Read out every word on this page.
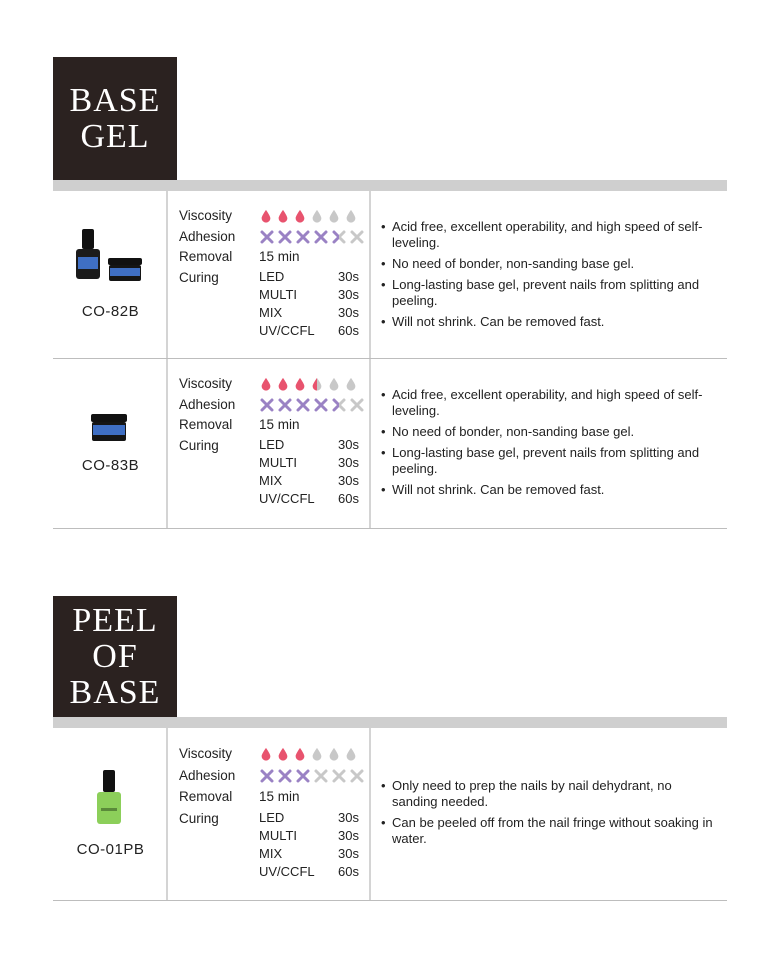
BASE
GEL
CO-82B
Viscosity
Adhesion
Removal	15 min
Curing	LED	30s
MULTI	30s
MIX	30s
UV/CCFL 60s
• Acid free, excellent operability, and high speed of self-leveling.
• No need of bonder, non-sanding base gel.
• Long-lasting base gel, prevent nails from splitting and peeling.
• Will not shrink. Can be removed fast.
CO-83B
Viscosity
Adhesion
Removal	15 min
Curing	LED	30s
MULTI	30s
MIX	30s
UV/CCFL 60s
• Acid free, excellent operability, and high speed of self-leveling.
• No need of bonder, non-sanding base gel.
• Long-lasting base gel, prevent nails from splitting and peeling.
• Will not shrink. Can be removed fast.
PEEL
OF
BASE
CO-01PB
Viscosity
Adhesion
Removal	15 min
Curing	LED	30s
MULTI	30s
MIX	30s
UV/CCFL 60s
• Only need to prep the nails by nail dehydrant, no sanding needed.
• Can be peeled off from the nail fringe without soaking in water.
